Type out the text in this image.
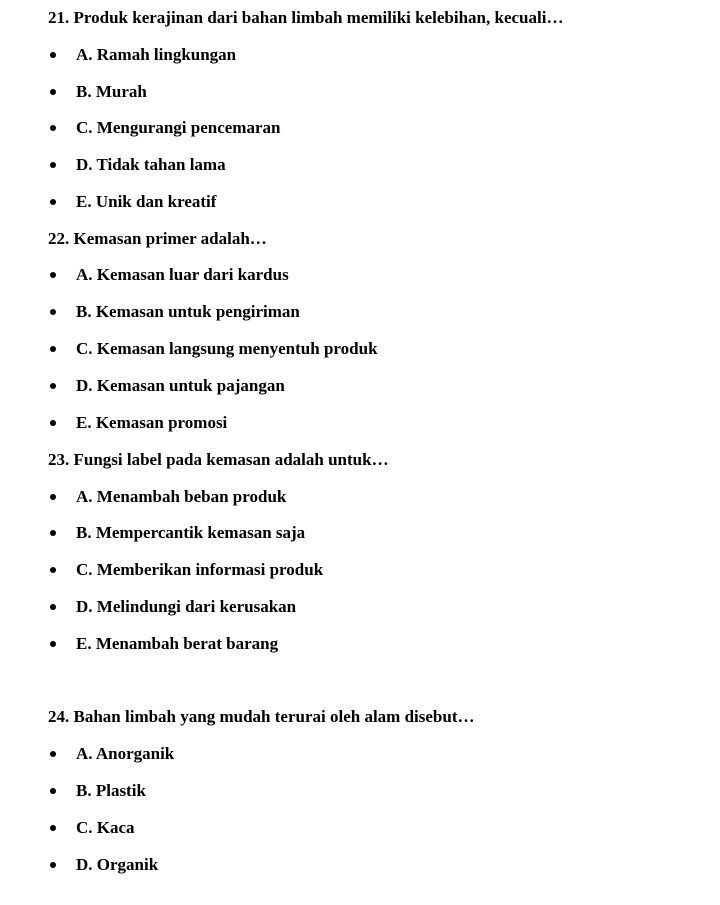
21. Produk kerajinan dari bahan limbah memiliki kelebihan, kecuali…
A. Ramah lingkungan
B. Murah
C. Mengurangi pencemaran
D. Tidak tahan lama
E. Unik dan kreatif
22. Kemasan primer adalah…
A. Kemasan luar dari kardus
B. Kemasan untuk pengiriman
C. Kemasan langsung menyentuh produk
D. Kemasan untuk pajangan
E. Kemasan promosi
23. Fungsi label pada kemasan adalah untuk…
A. Menambah beban produk
B. Mempercantik kemasan saja
C. Memberikan informasi produk
D. Melindungi dari kerusakan
E. Menambah berat barang
24. Bahan limbah yang mudah terurai oleh alam disebut…
A. Anorganik
B. Plastik
C. Kaca
D. Organik
